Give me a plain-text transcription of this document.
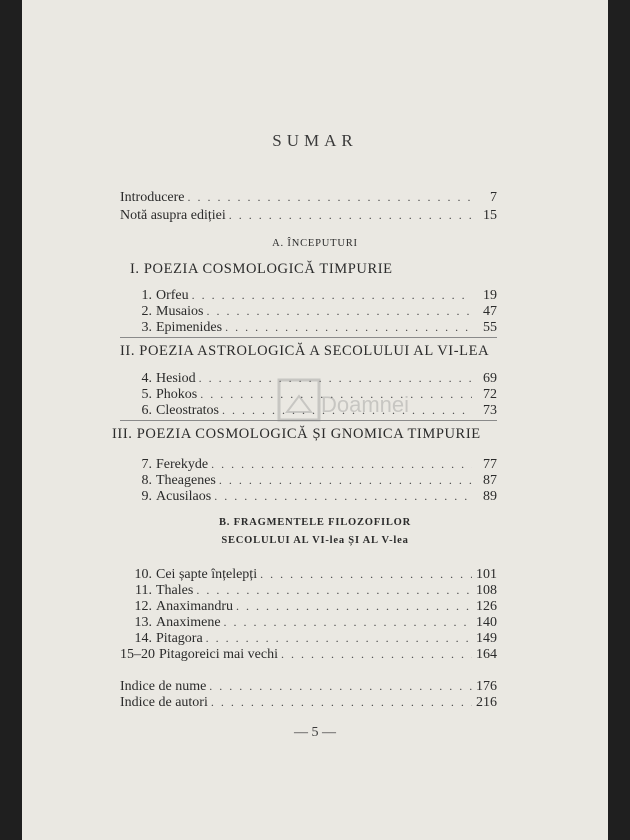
SUMAR
Introducere . . .	7
Notă asupra ediției . . .	15
A. ÎNCEPUTURI
I. POEZIA COSMOLOGICĂ TIMPURIE
1. Orfeu . . .	19
2. Musaios . . .	47
3. Epimenides . . .	55
II. POEZIA ASTROLOGICĂ A SECOLULUI AL VI-LEA
4. Hesiod . . .	69
5. Phokos . . .	72
6. Cleostratos . . .	73
III. POEZIA COSMOLOGICĂ ȘI GNOMICA TIMPURIE
7. Ferekyde . . .	77
8. Theagenes . . .	87
9. Acusilaos . . .	89
B. FRAGMENTELE FILOZOFILOR
SECOLULUI AL VI-lea ȘI AL V-lea
10. Cei șapte înțelepți . . .	101
11. Thales . . .	108
12. Anaximandru . . .	126
13. Anaximene . . .	140
14. Pitagora . . .	149
15–20 Pitagoreici mai vechi . . .	164
Indice de nume . . .	176
Indice de autori . . .	216
— 5 —
Doamnei
